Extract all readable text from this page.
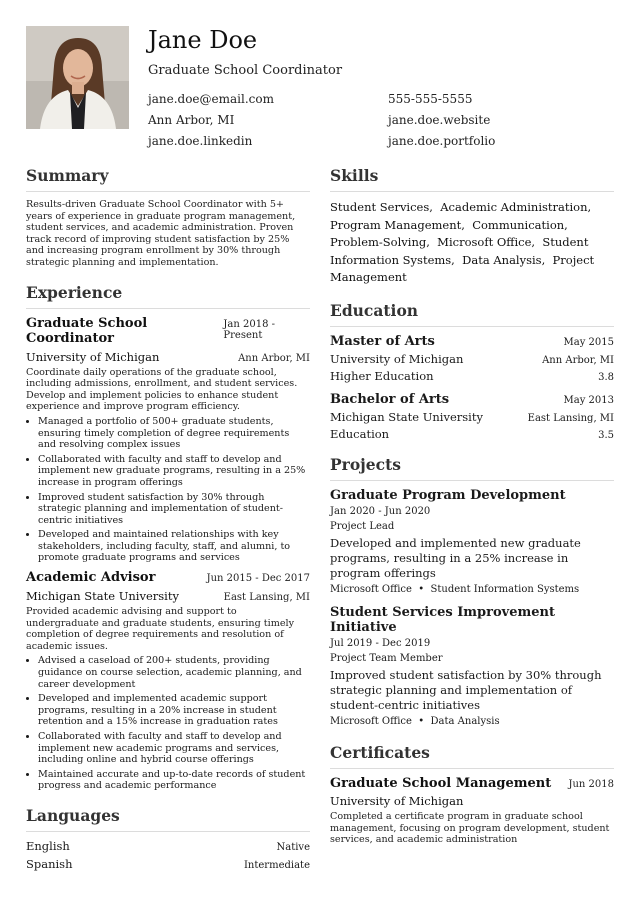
Jane Doe
Graduate School Coordinator
jane.doe@email.com	555-555-5555
Ann Arbor, MI	jane.doe.website
jane.doe.linkedin	jane.doe.portfolio
Summary
Results-driven Graduate School Coordinator with 5+ years of experience in graduate program management, student services, and academic administration. Proven track record of improving student satisfaction by 25% and increasing program enrollment by 30% through strategic planning and implementation.
Experience
Graduate School Coordinator
Jan 2018 - Present
University of Michigan	Ann Arbor, MI
Coordinate daily operations of the graduate school, including admissions, enrollment, and student services. Develop and implement policies to enhance student experience and improve program efficiency.
• Managed a portfolio of 500+ graduate students, ensuring timely completion of degree requirements and resolving complex issues
• Collaborated with faculty and staff to develop and implement new graduate programs, resulting in a 25% increase in program offerings
• Improved student satisfaction by 30% through strategic planning and implementation of student-centric initiatives
• Developed and maintained relationships with key stakeholders, including faculty, staff, and alumni, to promote graduate programs and services
Academic Advisor	Jun 2015 - Dec 2017
Michigan State University	East Lansing, MI
Provided academic advising and support to undergraduate and graduate students, ensuring timely completion of degree requirements and resolution of academic issues.
• Advised a caseload of 200+ students, providing guidance on course selection, academic planning, and career development
• Developed and implemented academic support programs, resulting in a 20% increase in student retention and a 15% increase in graduation rates
• Collaborated with faculty and staff to develop and implement new academic programs and services, including online and hybrid course offerings
• Maintained accurate and up-to-date records of student progress and academic performance
Languages
English	Native
Spanish	Intermediate
Skills
Student Services,  Academic Administration,  Program Management,  Communication,  Problem-Solving,  Microsoft Office,  Student Information Systems,  Data Analysis,  Project Management
Education
Master of Arts	May 2015
University of Michigan	Ann Arbor, MI
Higher Education	3.8
Bachelor of Arts	May 2013
Michigan State University	East Lansing, MI
Education	3.5
Projects
Graduate Program Development
Jan 2020 - Jun 2020
Project Lead
Developed and implemented new graduate programs, resulting in a 25% increase in program offerings
Microsoft Office  •  Student Information Systems
Student Services Improvement Initiative
Jul 2019 - Dec 2019
Project Team Member
Improved student satisfaction by 30% through strategic planning and implementation of student-centric initiatives
Microsoft Office  •  Data Analysis
Certificates
Graduate School Management Jun 2018
University of Michigan
Completed a certificate program in graduate school management, focusing on program development, student services, and academic administration
